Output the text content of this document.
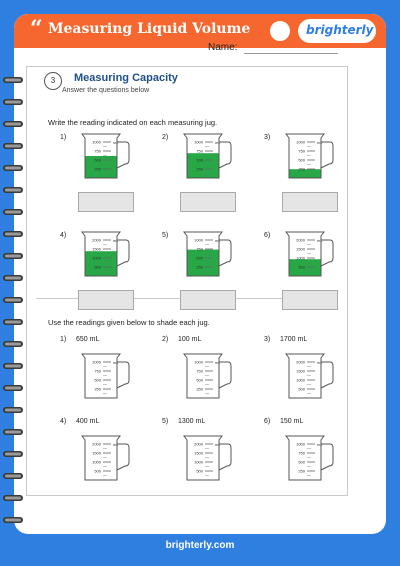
“ Measuring Liquid Volume	brighterly
Name:
3	Measuring Capacity
Answer the questions below
Write the reading indicated on each measuring jug.
Use the readings given below to shade each jug.
1)
1000
750
500
250
mL
2)
1000
750
500
250
mL
3)
1000
750
500
250
mL
4)
2000
1500
1000
500
mL
5)
1000
750
500
250
mL
6)
2000
1500
1000
500
mL
1) 650 mL
1000
750
500
250
mL
2) 100 mL
1000
750
500
250
mL
3) 1700 mL
2000
1500
1000
500
mL
4) 400 mL
2000
1500
1000
500
mL
5) 1300 mL
2000
1500
1000
500
mL
6) 150 mL
1000
750
500
250
mL
brighterly.com
